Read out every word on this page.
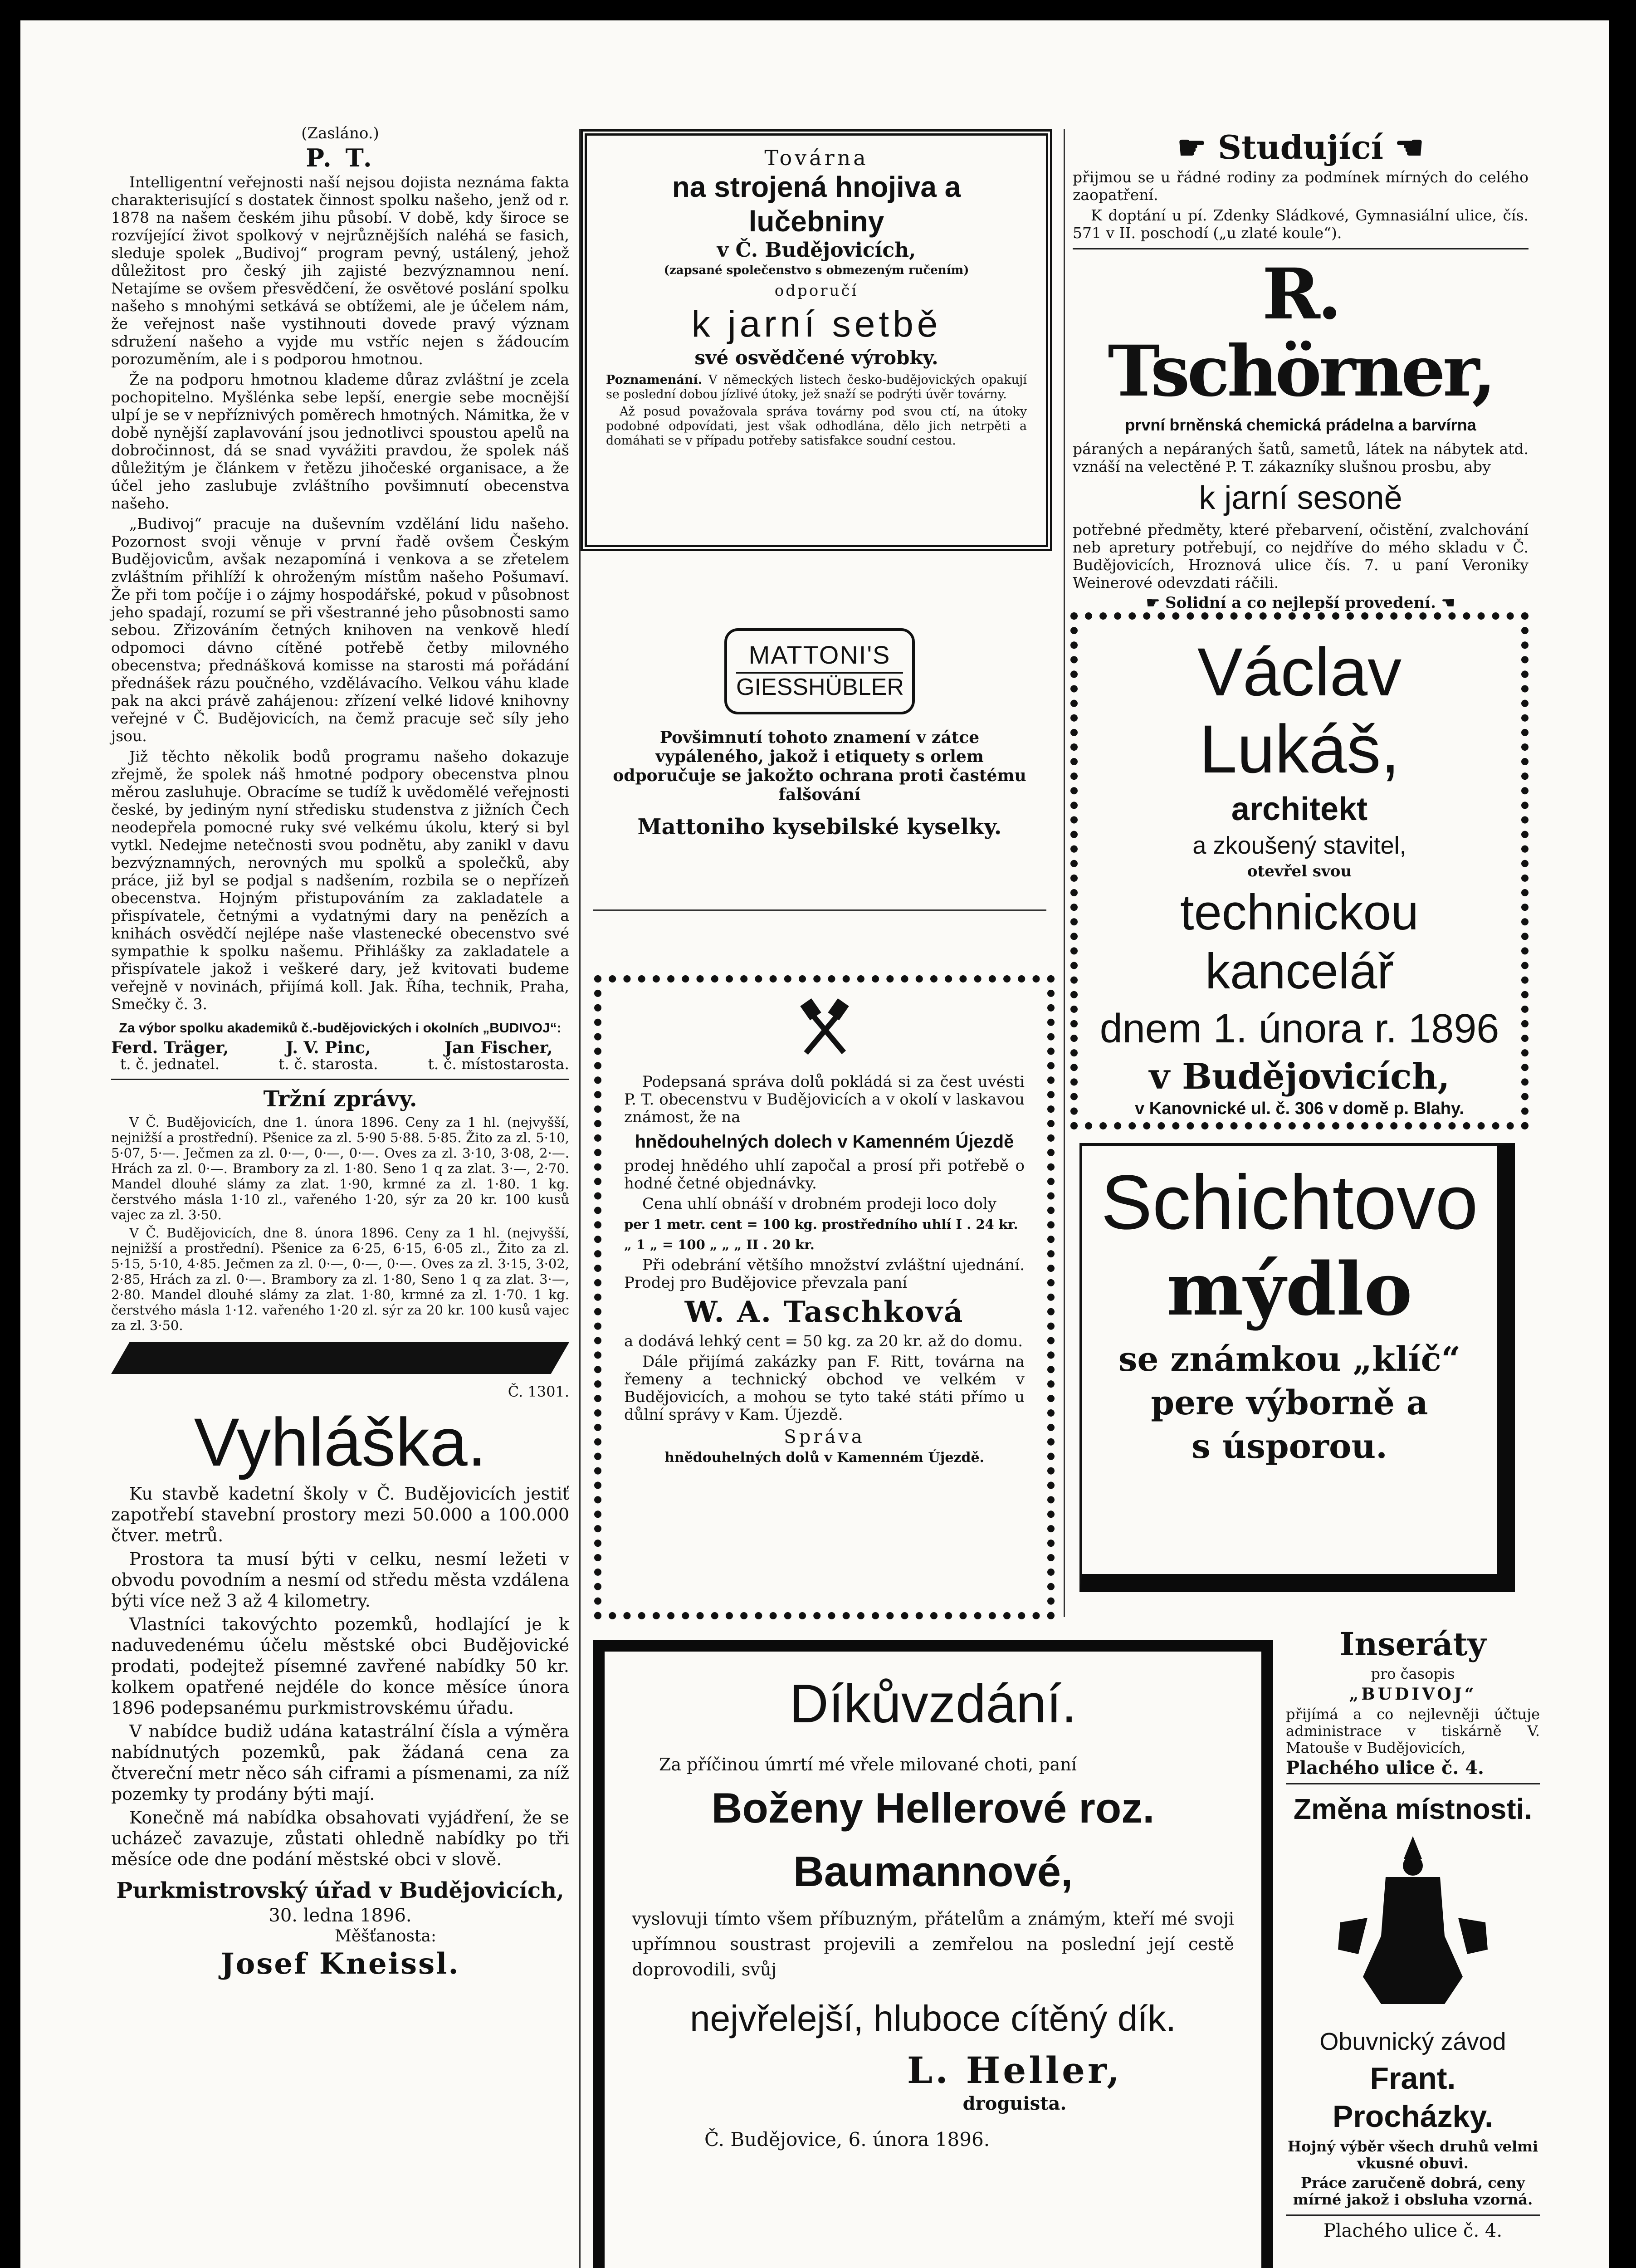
(Zasláno.)

P. T.

Intelligentní veřejnosti naší nejsou dojista neznáma fakta charakterisující s dostatek činnost spolku našeho, jenž od r. 1878 na našem českém jihu působí. V době, kdy široce se rozvíjející život spolkový v nejrůznějších naléhá se fasich, sleduje spolek „Budivoj“ program pevný, ustálený, jehož důležitost pro český jih zajisté bezvýznamnou není. Netajíme se ovšem přesvědčení, že osvětové poslání spolku našeho s mnohými setkává se obtížemi, ale je účelem nám, že veřejnost naše vystihnouti dovede pravý význam sdružení našeho a vyjde mu vstříc nejen s žádoucím porozuměním, ale i s podporou hmotnou.

Že na podporu hmotnou klademe důraz zvláštní je zcela pochopitelno. Myšlénka sebe lepší, energie sebe mocnější ulpí je se v nepříznivých poměrech hmotných. Námitka, že v době nynější zaplavování jsou jednotlivci spoustou apelů na dobročinnost, dá se snad vyvážiti pravdou, že spolek náš důležitým je článkem v řetězu jihočeské organisace, a že účel jeho zaslubuje zvláštního povšimnutí obecenstva našeho.

„Budivoj“ pracuje na duševním vzdělání lidu našeho. Pozornost svoji věnuje v první řadě ovšem Českým Budějovicům, avšak nezapomíná i venkova a se zřetelem zvláštním přihlíží k ohroženým místům našeho Pošumaví. Že při tom počíje i o zájmy hospodářské, pokud v působnost jeho spadají, rozumí se při všestranné jeho působnosti samo sebou. Zřizováním četných knihoven na venkově hledí odpomoci dávno cítěné potřebě četby milovného obecenstva; přednášková komisse na starosti má pořádání přednášek rázu poučného, vzdělávacího. Velkou váhu klade pak na akci právě zahájenou: zřízení velké lidové knihovny veřejné v Č. Budějovicích, na čemž pracuje seč síly jeho jsou.

Již těchto několik bodů programu našeho dokazuje zřejmě, že spolek náš hmotné podpory obecenstva plnou měrou zasluhuje. Obracíme se tudíž k uvědomělé veřejnosti české, by jediným nyní středisku studenstva z jižních Čech neodepřela pomocné ruky své velkému úkolu, který si byl vytkl. Nedejme netečnosti svou podnětu, aby zanikl v davu bezvýznamných, nerovných mu spolků a společků, aby práce, již byl se podjal s nadšením, rozbila se o nepřízeň obecenstva. Hojným přistupováním za zakladatele a přispívatele, četnými a vydatnými dary na penězích a knihách osvědčí nejlépe naše vlastenecké obecenstvo své sympathie k spolku našemu. Přihlášky za zakladatele a přispívatele jakož i veškeré dary, jež kvitovati budeme veřejně v novinách, přijímá koll. Jak. Říha, technik, Praha, Smečky č. 3.

Za výbor spolku akademiků č.-budějovických i okolních „BUDIVOJ“:

Ferd. Träger,
t. č. jednatel.
J. V. Pinc,
t. č. starosta.
Jan Fischer,
t. č. místostarosta.

Tržní zprávy.

V Č. Budějovicích, dne 1. února 1896. Ceny za 1 hl. (nejvyšší, nejnižší a prostřední). Pšenice za zl. 5·90 5·88. 5·85. Žito za zl. 5·10, 5·07, 5·—. Ječmen za zl. 0·—, 0·—, 0·—. Oves za zl. 3·10, 3·08, 2·—. Hrách za zl. 0·—. Brambory za zl. 1·80. Seno 1 q za zlat. 3·—, 2·70. Mandel dlouhé slámy za zlat. 1·90, krmné za zl. 1·80. 1 kg. čerstvého másla 1·10 zl., vařeného 1·20, sýr za 20 kr. 100 kusů vajec za zl. 3·50.

V Č. Budějovicích, dne 8. února 1896. Ceny za 1 hl. (nejvyšší, nejnižší a prostřední). Pšenice za 6·25, 6·15, 6·05 zl., Žito za zl. 5·15, 5·10, 4·85. Ječmen za zl. 0·—, 0·—, 0·—. Oves za zl. 3·15, 3·02, 2·85, Hrách za zl. 0·—. Brambory za zl. 1·80, Seno 1 q za zlat. 3·—, 2·80. Mandel dlouhé slámy za zlat. 1·80, krmné za zl. 1·70. 1 kg. čerstvého másla 1·12. vařeného 1·20 zl. sýr za 20 kr. 100 kusů vajec za zl. 3·50.

Č. 1301.

Vyhláška.

Ku stavbě kadetní školy v Č. Budějovicích jestiť zapotřebí stavební prostory mezi 50.000 a 100.000 čtver. metrů.

Prostora ta musí býti v celku, nesmí ležeti v obvodu povodním a nesmí od středu města vzdálena býti více než 3 až 4 kilometry.

Vlastníci takovýchto pozemků, hodlající je k naduvedenému účelu městské obci Budějovické prodati, podejtež písemné zavřené nabídky 50 kr. kolkem opatřené nejdéle do konce měsíce února 1896 podepsanému purkmistrovskému úřadu.

V nabídce budiž udána katastrální čísla a výměra nabídnutých pozemků, pak žádaná cena za čtvereční metr něco sáh ciframi a písmenami, za níž pozemky ty prodány býti mají.

Konečně má nabídka obsahovati vyjádření, že se ucházeč zavazuje, zůstati ohledně nabídky po tři měsíce ode dne podání městské obci v slově.

Purkmistrovský úřad v Budějovicích,

30. ledna 1896.

Měšťanosta:

Josef Kneissl.

Továrna

na strojená hnojiva a lučebniny

v Č. Budějovicích,

(zapsané společenstvo s obmezeným ručením)

odporučí

k jarní setbě

své osvědčené výrobky.

Poznamenání. V německých listech česko-budějovických opakují se poslední dobou jízlivé útoky, jež snaží se podrýti úvěr továrny.

Až posud považovala správa továrny pod svou ctí, na útoky podobné odpovídati, jest však odhodlána, dělo jich netrpěti a domáhati se v případu potřeby satisfakce soudní cestou.

MATTONI'S
GIESSHÜBLER

Povšimnutí tohoto znamení v zátce vypáleného, jakož i etiquety s orlem odporučuje se jakožto ochrana proti častému falšování

Mattoniho kysebilské kyselky.

Podepsaná správa dolů pokládá si za čest uvésti P. T. obecenstvu v Budějovicích a v okolí v laskavou známost, že na

hnědouhelných dolech v Kamenném Újezdě

prodej hnědého uhlí započal a prosí při potřebě o hodné četné objednávky.

Cena uhlí obnáší v drobném prodeji loco doly

per 1 metr. cent = 100 kg. prostředního uhlí I . 24 kr.

„ 1 „ = 100 „ „ „ II . 20 kr.

Při odebrání většího množství zvláštní ujednání. Prodej pro Budějovice převzala paní

W. A. Taschková

a dodává lehký cent = 50 kg. za 20 kr. až do domu.

Dále přijímá zakázky pan F. Ritt, továrna na řemeny a technický obchod ve velkém v Budějovicích, a mohou se tyto také státi přímo u důlní správy v Kam. Újezdě.

Správa

hnědouhelných dolů v Kamenném Újezdě.

☛ Studující ☚

přijmou se u řádné rodiny za podmínek mírných do celého zaopatření.

K doptání u pí. Zdenky Sládkové, Gymnasiální ulice, čís. 571 v II. poschodí („u zlaté koule“).

R. Tschörner,

první brněnská chemická prádelna a barvírna

páraných a nepáraných šatů, sametů, látek na nábytek atd. vznáší na velectěné P. T. zákazníky slušnou prosbu, aby

k jarní sesoně

potřebné předměty, které přebarvení, očistění, zvalchování neb apretury potřebují, co nejdříve do mého skladu v Č. Budějovicích, Hroznová ulice čís. 7. u paní Veroniky Weinerové odevzdati ráčili.

☛ Solidní a co nejlepší provedení. ☚

Václav Lukáš,

architekt

a zkoušený stavitel,

otevřel svou

technickou kancelář

dnem 1. února r. 1896

v Budějovicích,

v Kanovnické ul. č. 306 v domě p. Blahy.

Schichtovo

mýdlo

se známkou „klíč“

pere výborně a

s úsporou.

Díkůvzdání.

Za příčinou úmrtí mé vřele milované choti, paní

Boženy Hellerové roz. Baumannové,

vyslovuji tímto všem příbuzným, přátelům a známým, kteří mé svoji upřímnou soustrast projevili a zemřelou na poslední její cestě doprovodili, svůj

nejvřelejší, hluboce cítěný dík.

L. Heller,

droguista.

Č. Budějovice, 6. února 1896.

Inseráty

pro časopis

„BUDIVOJ“

přijímá a co nejlevněji účtuje administrace v tiskárně V. Matouše v Budějovicích,

Plachého ulice č. 4.

Změna místnosti.

Obuvnický závod

Frant. Procházky.

Hojný výběr všech druhů velmi vkusné obuvi.

Práce zaručeně dobrá, ceny mírné jakož i obsluha vzorná.

Plachého ulice č. 4.
